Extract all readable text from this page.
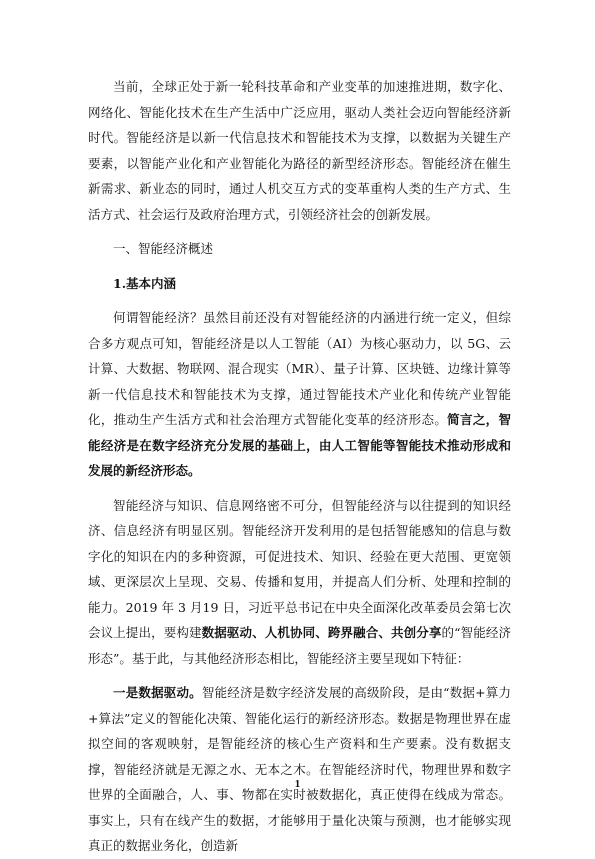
当前，全球正处于新一轮科技革命和产业变革的加速推进期，数字化、网络化、智能化技术在生产生活中广泛应用，驱动人类社会迈向智能经济新时代。智能经济是以新一代信息技术和智能技术为支撑，以数据为关键生产要素，以智能产业化和产业智能化为路径的新型经济形态。智能经济在催生新需求、新业态的同时，通过人机交互方式的变革重构人类的生产方式、生活方式、社会运行及政府治理方式，引领经济社会的创新发展。

一、智能经济概述

1.基本内涵

何谓智能经济？虽然目前还没有对智能经济的内涵进行统一定义，但综合多方观点可知，智能经济是以人工智能（AI）为核心驱动力，以 5G、云计算、大数据、物联网、混合现实（MR）、量子计算、区块链、边缘计算等新一代信息技术和智能技术为支撑，通过智能技术产业化和传统产业智能化，推动生产生活方式和社会治理方式智能化变革的经济形态。简言之，智能经济是在数字经济充分发展的基础上，由人工智能等智能技术推动形成和发展的新经济形态。

智能经济与知识、信息网络密不可分，但智能经济与以往提到的知识经济、信息经济有明显区别。智能经济开发利用的是包括智能感知的信息与数字化的知识在内的多种资源，可促进技术、知识、经验在更大范围、更宽领域、更深层次上呈现、交易、传播和复用，并提高人们分析、处理和控制的能力。2019 年 3 月19 日，习近平总书记在中央全面深化改革委员会第七次会议上提出，要构建数据驱动、人机协同、跨界融合、共创分享的“智能经济形态”。基于此，与其他经济形态相比，智能经济主要呈现如下特征：

一是数据驱动。智能经济是数字经济发展的高级阶段，是由“数据+算力+算法”定义的智能化决策、智能化运行的新经济形态。数据是物理世界在虚拟空间的客观映射，是智能经济的核心生产资料和生产要素。没有数据支撑，智能经济就是无源之水、无本之木。在智能经济时代，物理世界和数字世界的全面融合，人、事、物都在实时被数据化，真正使得在线成为常态。事实上，只有在线产生的数据，才能够用于量化决策与预测，也才能够实现真正的数据业务化，创造新

1
